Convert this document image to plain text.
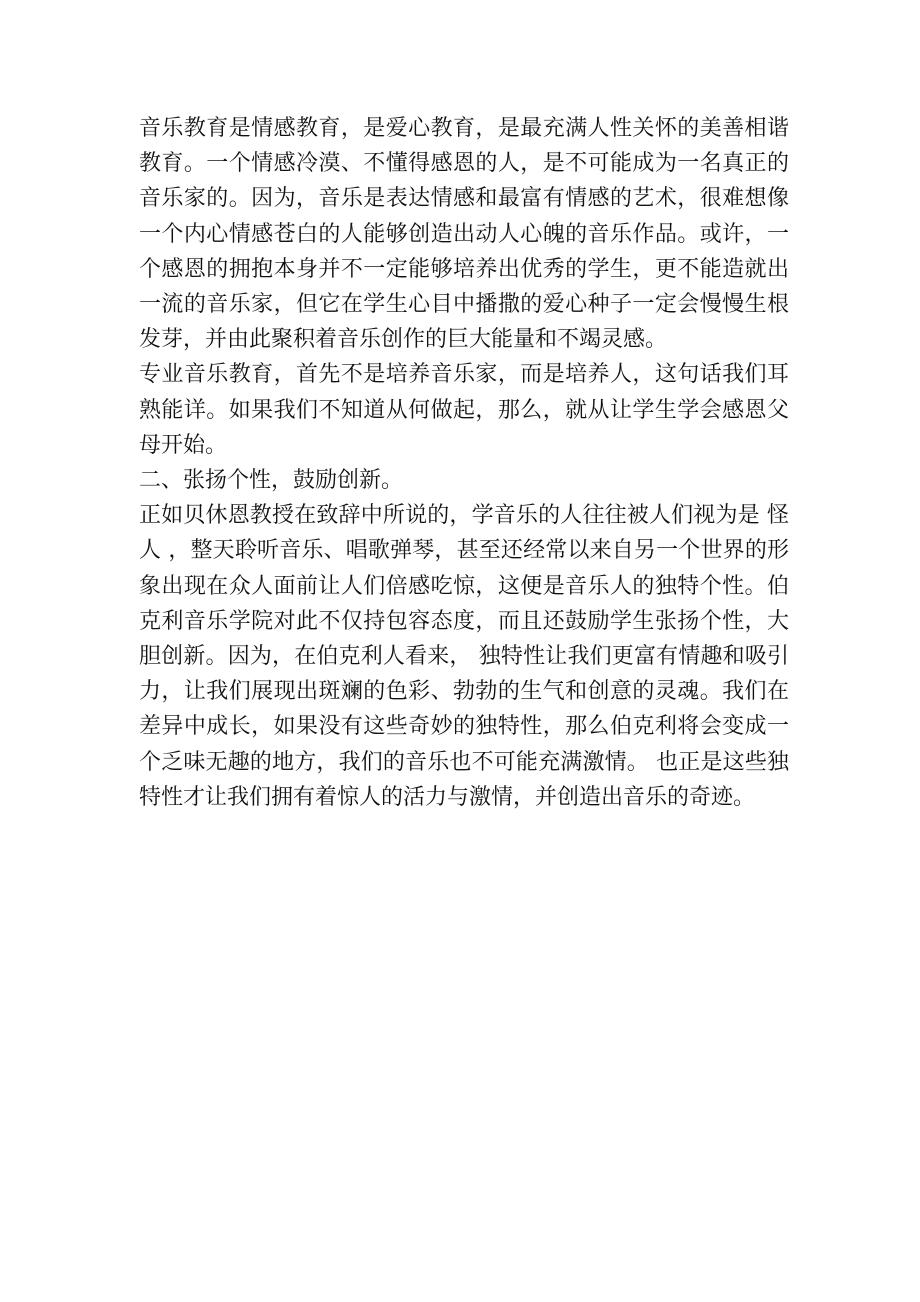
音乐教育是情感教育，是爱心教育，是最充满人性关怀的美善相谐教育。一个情感冷漠、不懂得感恩的人，是不可能成为一名真正的音乐家的。因为，音乐是表达情感和最富有情感的艺术，很难想像一个内心情感苍白的人能够创造出动人心魄的音乐作品。或许，一个感恩的拥抱本身并不一定能够培养出优秀的学生，更不能造就出一流的音乐家，但它在学生心目中播撒的爱心种子一定会慢慢生根发芽，并由此聚积着音乐创作的巨大能量和不竭灵感。

专业音乐教育，首先不是培养音乐家，而是培养人，这句话我们耳熟能详。如果我们不知道从何做起，那么，就从让学生学会感恩父母开始。

二、张扬个性，鼓励创新。

正如贝休恩教授在致辞中所说的，学音乐的人往往被人们视为是 怪人 ，整天聆听音乐、唱歌弹琴，甚至还经常以来自另一个世界的形象出现在众人面前让人们倍感吃惊，这便是音乐人的独特个性。伯克利音乐学院对此不仅持包容态度，而且还鼓励学生张扬个性，大胆创新。因为，在伯克利人看来， 独特性让我们更富有情趣和吸引力，让我们展现出斑斓的色彩、勃勃的生气和创意的灵魂。我们在差异中成长，如果没有这些奇妙的独特性，那么伯克利将会变成一个乏味无趣的地方，我们的音乐也不可能充满激情。 也正是这些独特性才让我们拥有着惊人的活力与激情，并创造出音乐的奇迹。
